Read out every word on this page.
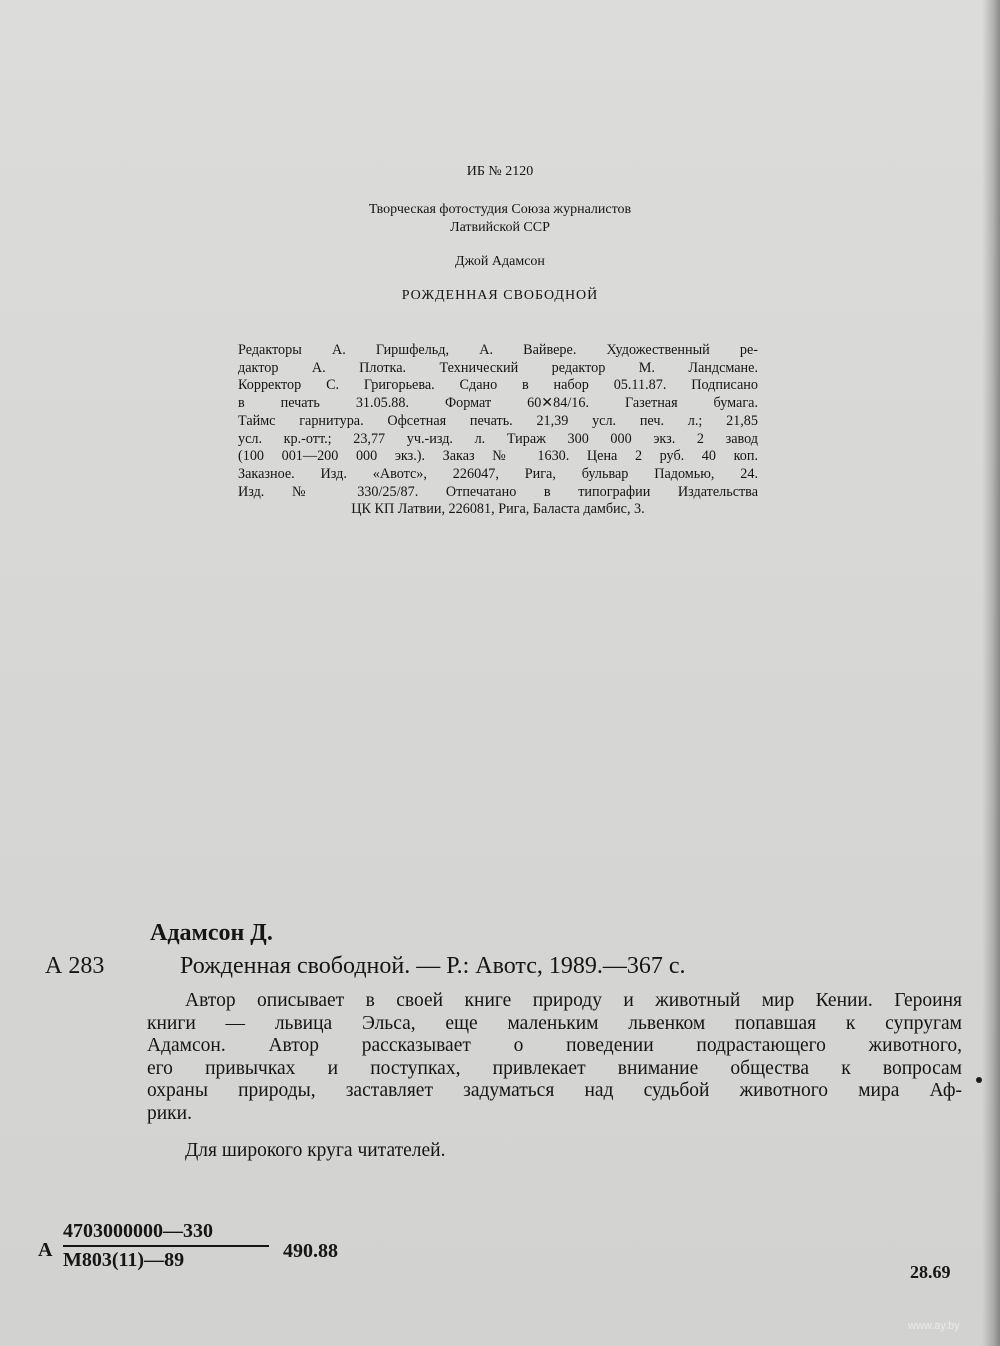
ИБ № 2120
Творческая фотостудия Союза журналистов
Латвийской ССР
Джой Адамсон
РОЖДЕННАЯ СВОБОДНОЙ
Редакторы А. Гиршфельд, А. Вайвере. Художественный ре-
дактор А. Плотка. Технический редактор М. Ландсмане.
Корректор С. Григорьева. Сдано в набор 05.11.87. Подписано
в печать 31.05.88. Формат 60✕84/16. Газетная бумага.
Таймс гарнитура. Офсетная печать. 21,39 усл. печ. л.; 21,85
усл. кр.-отт.; 23,77 уч.-изд. л. Тираж 300 000 экз. 2 завод
(100 001—200 000 экз.). Заказ № 1630. Цена 2 руб. 40 коп.
Заказное. Изд. «Авотс», 226047, Рига, бульвар Падомью, 24.
Изд. № 330/25/87. Отпечатано в типографии Издательства
ЦК КП Латвии, 226081, Рига, Баласта дамбис, 3.
Адамсон Д.
А 283	Рожденная свободной. — Р.: Авотс, 1989.—367 с.
Автор описывает в своей книге природу и животный мир Кении. Героиня
книги — львица Эльса, еще маленьким львенком попавшая к супругам
Адамсон. Автор рассказывает о поведении подрастающего животного,
его привычках и поступках, привлекает внимание общества к вопросам
охраны природы, заставляет задуматься над судьбой животного мира Аф-
рики.
Для широкого круга читателей.
А
4703000000—330
М803(11)—89	490.88
28.69
www.ay.by
